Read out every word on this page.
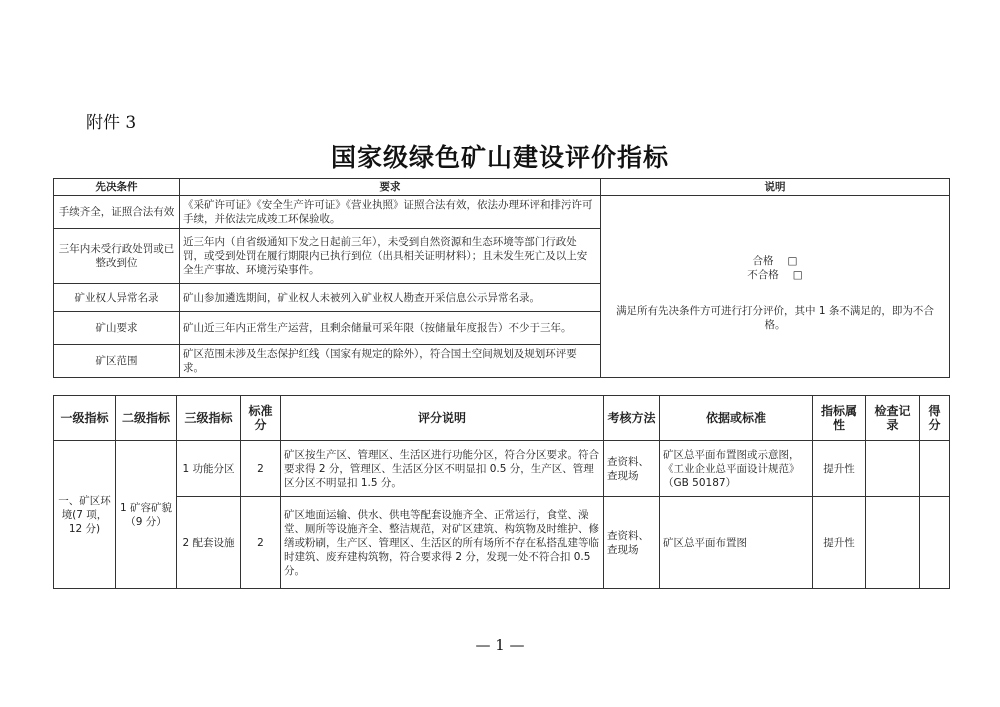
附件 3
国家级绿色矿山建设评价指标
先决条件	要求	说明
手续齐全，证照合法有效	《采矿许可证》《安全生产许可证》《营业执照》证照合法有效，依法办理环评和排污许可手续，并依法完成竣工环保验收。	合格 □
不合格 □
满足所有先决条件方可进行打分评价，其中 1 条不满足的，即为不合格。

三年内未受行政处罚或已整改到位	近三年内（自省级通知下发之日起前三年），未受到自然资源和生态环境等部门行政处罚，或受到处罚在履行期限内已执行到位（出具相关证明材料）；且未发生死亡及以上安全生产事故、环境污染事件。	
矿业权人异常名录	矿山参加遴选期间，矿业权人未被列入矿业权人勘查开采信息公示异常名录。	
矿山要求	矿山近三年内正常生产运营，且剩余储量可采年限（按储量年度报告）不少于三年。	
矿区范围	矿区范围未涉及生态保护红线（国家有规定的除外），符合国土空间规划及规划环评要求。	
一级指标	二级指标	三级指标	标准分	评分说明	考核方法	依据或标准	指标属性	检查记录	得分
一、矿区环境(7 项，12 分)	1 矿容矿貌（9 分）	1 功能分区	2	矿区按生产区、管理区、生活区进行功能分区，符合分区要求。符合要求得 2 分，管理区、生活区分区不明显扣 0.5 分，生产区、管理区分区不明显扣 1.5 分。	查资料、查现场	矿区总平面布置图或示意图，《工业企业总平面设计规范》（GB 50187）	提升性		
		2 配套设施	2	矿区地面运输、供水、供电等配套设施齐全、正常运行，食堂、澡堂、厕所等设施齐全、整洁规范，对矿区建筑、构筑物及时维护、修缮或粉刷，生产区、管理区、生活区的所有场所不存在私搭乱建等临时建筑、废弃建构筑物，符合要求得 2 分，发现一处不符合扣 0.5 分。	查资料、查现场	矿区总平面布置图	提升性		
— 1 —
